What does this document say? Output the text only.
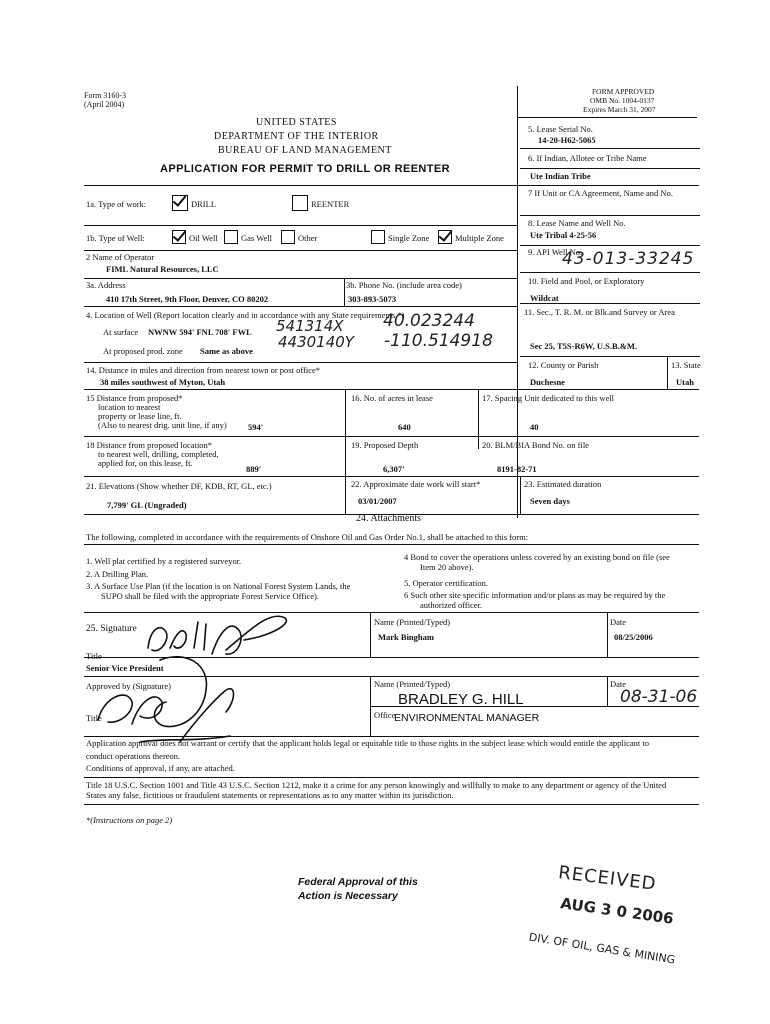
Form 3160-3
(April 2004)
UNITED STATES
DEPARTMENT OF THE INTERIOR
BUREAU OF LAND MANAGEMENT
APPLICATION FOR PERMIT TO DRILL OR REENTER
FORM APPROVED
OMB No. 1004-0137
Expires March 31, 2007
5. Lease Serial No.
14-20-H62-5065
6. If Indian, Allotee or Tribe Name
Ute Indian Tribe
7 If Unit or CA Agreement, Name and No.
8. Lease Name and Well No.
Ute Tribal 4-25-56
9. API Well No.
43-013-33245
10. Field and Pool, or Exploratory
Wildcat
11. Sec., T. R. M. or Blk.and Survey or Area
Sec 25, T5S-R6W, U.S.B.&M.
12. County or Parish
Duchesne
13. State
Utah
1a. Type of work:	DRILL	REENTER
1b. Type of Well:	Oil Well	Gas Well	Other	Single Zone	Multiple Zone
2 Name of Operator
FIML Natural Resources, LLC
3a. Address
410 17th Street, 9th Floor, Denver, CO 80202
3b. Phone No. (include area code)
303-893-5073
4. Location of Well (Report location clearly and in accordance with any State requirements.*)
At surface NWNW 594' FNL 708' FWL 541314X 40.023244
At proposed prod. zone Same as above 4430140Y -110.514918
14. Distance in miles and direction from nearest town or post office*
38 miles southwest of Myton, Utah
15 Distance from proposed*
location to nearest
property or lease line, ft.
(Also to nearest drig. unit line, if any)	594'
16. No. of acres in lease
640
17. Spacing Unit dedicated to this well
40
18 Distance from proposed location*
to nearest well, drilling, completed,
applied for, on this lease, ft.
889'
19. Proposed Depth
6,307'
20. BLM/BIA Bond No. on file
8191-82-71
21. Elevations (Show whether DF, KDB, RT, GL, etc.)
7,799' GL (Ungraded)
22. Approximate date work will start*
03/01/2007
23. Estimated duration
Seven days
24. Attachments
The following, completed in accordance with the requirements of Onshore Oil and Gas Order No.1, shall be attached to this form:
1. Well plat certified by a registered surveyor.
2. A Drilling Plan.
3. A Surface Use Plan (if the location is on National Forest System Lands, the
SUPO shall be filed with the appropriate Forest Service Office).
4 Bond to cover the operations unless covered by an existing bond on file (see
Item 20 above).
5. Operator certification.
6 Such other site specific information and/or plans as may be required by the
authorized officer.
25. Signature
Name (Printed/Typed)
Mark Bingham
Date
08/25/2006
Title
Senior Vice President
Approved by (Signature)	Name (Printed/Typed)
BRADLEY G. HILL
Date
08-31-06
Title	Office
ENVIRONMENTAL MANAGER
Application approval does not warrant or certify that the applicant holds legal or equitable title to those rights in the subject lease which would entitle the applicant to
conduct operations thereon.
Conditions of approval, if any, are attached.
Title 18 U.S.C. Section 1001 and Title 43 U.S.C. Section 1212, make it a crime for any person knowingly and willfully to make to any department or agency of the United
States any false, fictitious or fraudulent statements or representations as to any matter within its jurisdiction.
*(Instructions on page 2)
Federal Approval of this
Action is Necessary
RECEIVED
AUG 3 0 2006
DIV. OF OIL, GAS & MINING
